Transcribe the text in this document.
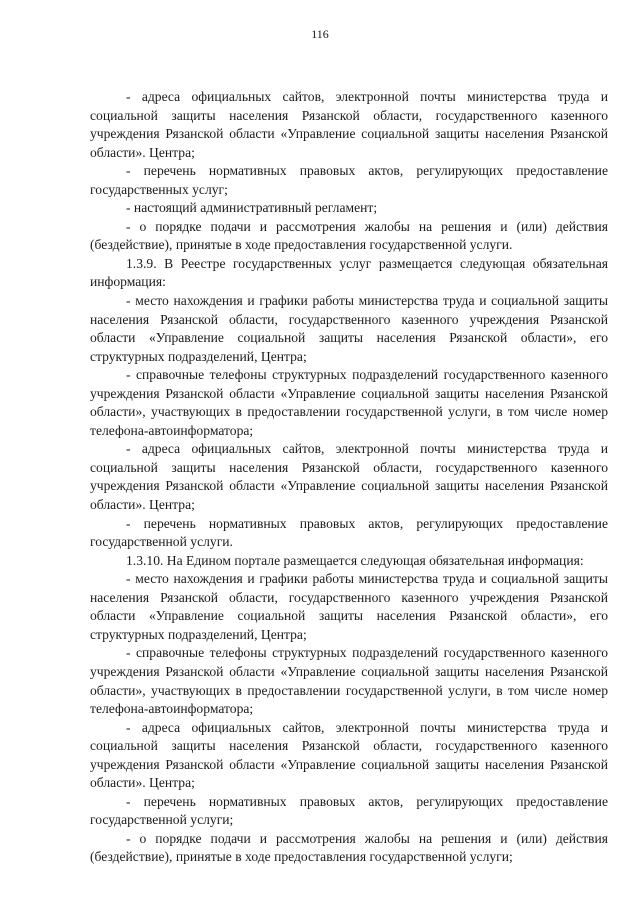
116

- адреса официальных сайтов, электронной почты министерства труда и социальной защиты населения Рязанской области, государственного казенного учреждения Рязанской области «Управление социальной защиты населения Рязанской области». Центра;

- перечень нормативных правовых актов, регулирующих предоставление государственных услуг;

- настоящий административный регламент;

- о порядке подачи и рассмотрения жалобы на решения и (или) действия (бездействие), принятые в ходе предоставления государственной услуги.

1.3.9. В Реестре государственных услуг размещается следующая обязательная информация:

- место нахождения и графики работы министерства труда и социальной защиты населения Рязанской области, государственного казенного учреждения Рязанской области «Управление социальной защиты населения Рязанской области», его структурных подразделений, Центра;

- справочные телефоны структурных подразделений государственного казенного учреждения Рязанской области «Управление социальной защиты населения Рязанской области», участвующих в предоставлении государственной услуги, в том числе номер телефона-автоинформатора;

- адреса официальных сайтов, электронной почты министерства труда и социальной защиты населения Рязанской области, государственного казенного учреждения Рязанской области «Управление социальной защиты населения Рязанской области». Центра;

- перечень нормативных правовых актов, регулирующих предоставление государственной услуги.

1.3.10. На Едином портале размещается следующая обязательная информация:

- место нахождения и графики работы министерства труда и социальной защиты населения Рязанской области, государственного казенного учреждения Рязанской области «Управление социальной защиты населения Рязанской области», его структурных подразделений, Центра;

- справочные телефоны структурных подразделений государственного казенного учреждения Рязанской области «Управление социальной защиты населения Рязанской области», участвующих в предоставлении государственной услуги, в том числе номер телефона-автоинформатора;

- адреса официальных сайтов, электронной почты министерства труда и социальной защиты населения Рязанской области, государственного казенного учреждения Рязанской области «Управление социальной защиты населения Рязанской области». Центра;

- перечень нормативных правовых актов, регулирующих предоставление государственной услуги;

- о порядке подачи и рассмотрения жалобы на решения и (или) действия (бездействие), принятые в ходе предоставления государственной услуги;
